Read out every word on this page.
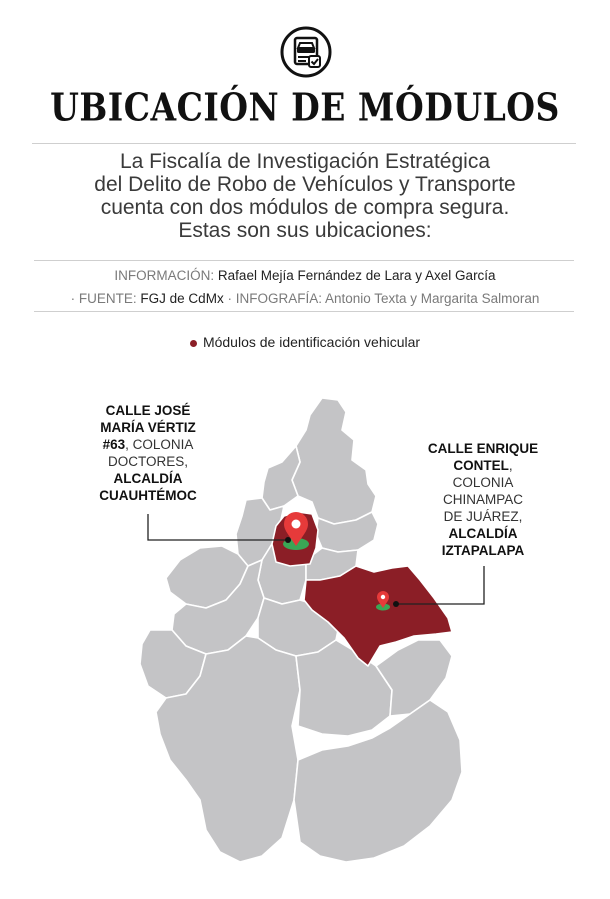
UBICACIÓN DE MÓDULOS
La Fiscalía de Investigación Estratégica
del Delito de Robo de Vehículos y Transporte
cuenta con dos módulos de compra segura.
Estas son sus ubicaciones:
INFORMACIÓN: Rafael Mejía Fernández de Lara y Axel García
· FUENTE: FGJ de CdMx · INFOGRAFÍA: Antonio Texta y Margarita Salmoran
Módulos de identificación vehicular
CALLE JOSÉ
MARÍA VÉRTIZ
#63, COLONIA
DOCTORES,
ALCALDÍA
CUAUHTÉMOC
CALLE ENRIQUE
CONTEL,
COLONIA
CHINAMPAC
DE JUÁREZ,
ALCALDÍA
IZTAPALAPA
